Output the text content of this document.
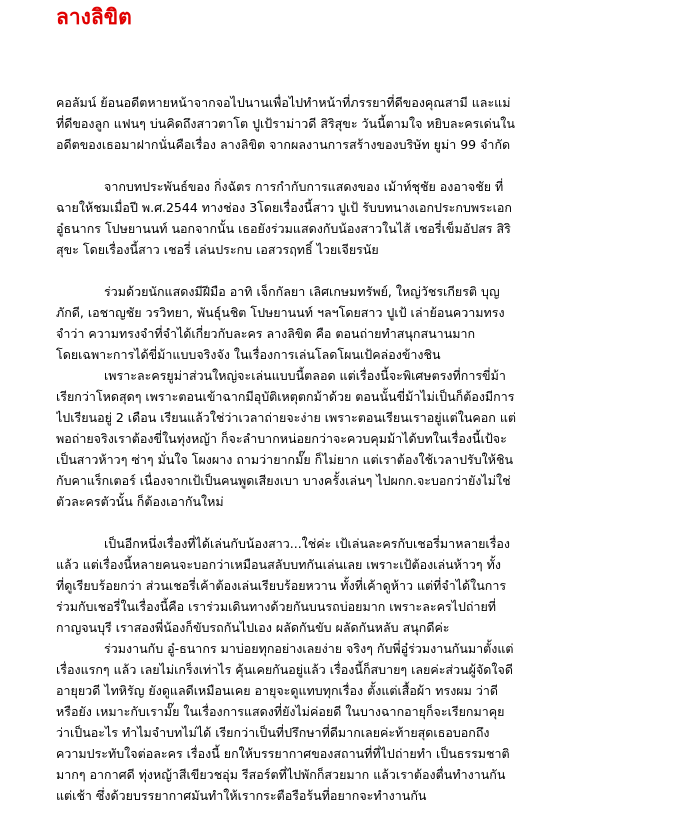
ลางลิขิต
คอลัมน์ ย้อนอดีตหายหน้าจากจอไปนานเพื่อไปทำหน้าที่ภรรยาที่ดีของคุณสามี และแม่
ที่ดีของลูก แฟนๆ บ่นคิดถึงสาวตาโต ปูเป้ราม่าวดี สิริสุขะ วันนี้ตามใจ หยิบละครเด่นใน
อดีตของเธอมาฝากนั่นคือเรื่อง ลางลิขิต จากผลงานการสร้างของบริษัท ยูม่า 99 จำกัด
จากบทประพันธ์ของ กิ่งฉัตร การกำกับการแสดงของ เม้าท์ชุชัย องอาจชัย ที่
ฉายให้ชมเมื่อปี พ.ศ.2544 ทางช่อง 3โดยเรื่องนี้สาว ปูเป้ รับบทนางเอกประกบพระเอก
อู๋ธนากร โปษยานนท์ นอกจากนั้น เธอยังร่วมแสดงกับน้องสาวในไส้ เชอรี่เข็มอัปสร สิริ
สุขะ โดยเรื่องนี้สาว เชอรี่ เล่นประกบ เอสวรฤทธิ์ ไวยเจียรนัย
ร่วมด้วยนักแสดงมีฝีมือ อาทิ เจ็กกัลยา เลิศเกษมทรัพย์, ใหญ่วัชรเกียรติ บุญ
ภักดี, เอชาญชัย วรวิทยา, พันธุ์นชิต โปษยานนท์ ฯลฯโดยสาว ปูเป้ เล่าย้อนความทรง
จำว่า ความทรงจำที่จำได้เกี่ยวกับละคร ลางลิขิต คือ ตอนถ่ายทำสนุกสนานมาก
โดยเฉพาะการได้ขี่ม้าแบบจริงจัง ในเรื่องการเล่นโลดโผนเป้คล่องข้างชิน
เพราะละครยูม่าส่วนใหญ่จะเล่นแบบนี้ตลอด แต่เรื่องนี้จะพิเศษตรงที่การขี่ม้า
เรียกว่าโหดสุดๆ เพราะตอนเข้าฉากมีอุบัติเหตุตกม้าด้วย ตอนนั้นขี่ม้าไม่เป็นก็ต้องมีการ
ไปเรียนอยู่ 2 เดือน เรียนแล้วใช่ว่าเวลาถ่ายจะง่าย เพราะตอนเรียนเราอยู่แต่ในคอก แต่
พอถ่ายจริงเราต้องขี่ในทุ่งหญ้า ก็จะลำบากหน่อยกว่าจะควบคุมม้าได้บทในเรื่องนี้เป้จะ
เป็นสาวห้าวๆ ซ่าๆ มั่นใจ โผงผาง ถามว่ายากมั๊ย ก็ไม่ยาก แต่เราต้องใช้เวลาปรับให้ชิน
กับคาแร็กเตอร์ เนื่องจากเป้เป็นคนพูดเสียงเบา บางครั้งเล่นๆ ไปผกก.จะบอกว่ายังไม่ใช่
ตัวละครตัวนั้น ก็ต้องเอากันใหม่
เป็นอีกหนึ่งเรื่องที่ได้เล่นกับน้องสาว...ใช่ค่ะ เป้เล่นละครกับเชอรี่มาหลายเรื่อง
แล้ว แต่เรื่องนี้หลายคนจะบอกว่าเหมือนสลับบทกันเล่นเลย เพราะเป้ต้องเล่นห้าวๆ ทั้ง
ที่ดูเรียบร้อยกว่า ส่วนเชอรี่เค้าต้องเล่นเรียบร้อยหวาน ทั้งที่เค้าดูห้าว แต่ที่จำได้ในการ
ร่วมกับเชอรี่ในเรื่องนี้คือ เราร่วมเดินทางด้วยกันบนรถบ่อยมาก เพราะละครไปถ่ายที่
กาญจนบุรี เราสองพี่น้องก็ขับรถกันไปเอง ผลัดกันขับ ผลัดกันหลับ สนุกดีค่ะ
ร่วมงานกับ อู๋-ธนากร มาบ่อยทุกอย่างเลยง่าย จริงๆ กับพี่อู๋ร่วมงานกันมาตั้งแต่
เรื่องแรกๆ แล้ว เลยไม่เกร็งเท่าไร คุ้นเคยกันอยู่แล้ว เรื่องนี้ก็สบายๆ เลยค่ะส่วนผู้จัดใจดี
อายุยวดี ไทหิรัญ ยังดูแลดีเหมือนเคย อายุจะดูแทบทุกเรื่อง ตั้งแต่เสื้อผ้า ทรงผม ว่าดี
หรือยัง เหมาะกับเรามั๊ย ในเรื่องการแสดงที่ยังไม่ค่อยดี ในบางฉากอายุก็จะเรียกมาคุย
ว่าเป็นอะไร ทำไมจำบทไม่ได้ เรียกว่าเป็นที่ปรึกษาที่ดีมากเลยค่ะท้ายสุดเธอบอกถึง
ความประทับใจต่อละคร เรื่องนี้ ยกให้บรรยากาศของสถานที่ที่ไปถ่ายทำ เป็นธรรมชาติ
มากๆ อากาศดี ทุ่งหญ้าสีเขียวชอุ่ม รีสอร์ตที่ไปพักก็สวยมาก แล้วเราต้องตื่นทำงานกัน
แต่เช้า ซึ่งด้วยบรรยากาศมันทำให้เรากระตือรือร้นที่อยากจะทำงานกัน
